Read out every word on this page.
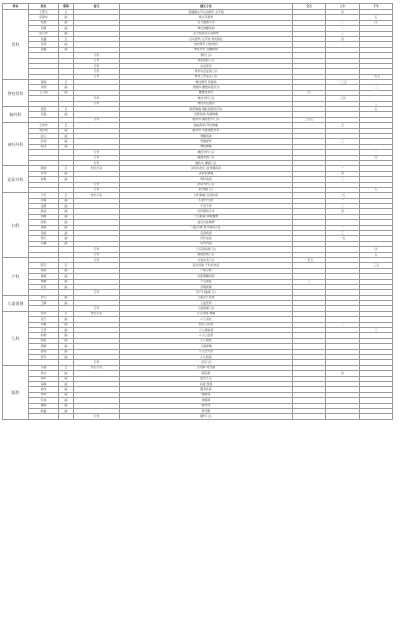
科室	姓名	职称	备注	擅长专业	全天	上午	下午
骨科	王慧玉	正		高膝髋关节运动损伤 关节镜		四	
	吴建华	副		骨关节损伤			五
	刘旭	副		关节置换手术		二	四
	刘强	副		脊柱脊髓疾病		二	
	张小青	副		关节疾病及运动损伤		三	
	吴鑫	正		运动损伤 关节镜 骨质疏松		四	
	付凯	副		创伤骨科 四肢骨折			
	张鹏	副		脊柱外科 颈腰椎病			
			专科	骨科门诊			
			专科	骨质疏松门诊			
			专科	运动医学			
			专科	骨科术后复查门诊			
			专科	骨科工伤鉴定门诊			一至五
脊柱骨科	黄海	正		脊柱侧弯 颈椎病		一三五	
	李刚	副		颈椎病 腰椎间盘突出			二
	王立新	副		腰椎管狭窄	四		
			专科	脊柱外科门诊		二四	
			专科	脊柱术后随访			三
胸外科	周宏	正		肺部肿瘤 胸腔镜微创手术			五
	宋磊	副		食管疾病 纵隔肿瘤			
			专科	胸外科 胸部结节门诊	二四五		
神经外科	王建华	正		脑血管病 颅内肿瘤		五	
	刘志明	副		脑外伤 功能神经外科			
	赵立	副		脊髓疾病			
	孙伟	副		颅脑损伤		三	
	郭涛	副		神经肿瘤			
			专科	神经外科门诊			二
			专科	脑血管病门诊			四
			专科	脑积水 癫痫门诊			
泌尿外科	陈刚	正	知名专家	泌尿系结石 前列腺疾病		一	
	李伟	副		泌尿系肿瘤		四	
	林强	副		男科疾病		三	
			专科	泌尿外科门诊			
			专科	前列腺门诊			五
妇科	王芳	正	知名专家	妇科肿瘤 宫颈疾病		二五	
	李梅	副		妇科内分泌		一	
	张霞	副		不孕不育		二	
	赵丽	副		妇科微创手术		四	
	刘静	副		子宫肌瘤 卵巢囊肿			
	孙艳	副		盆底功能障碍			
	周敏	副		月经失调 更年期综合征		一	
	吴娟	副		宫颈疾病		三	
	郑红	副		妇科炎症		一五	
	冯琳	副		妇科内镜			
			专科	子宫颈疾病门诊			四
			专科	围绝经期门诊			五
产科			专科	计划生育门诊	一至五		
	陈芳	正		高危妊娠 产科并发症			三五
	杨丽	副		产前诊断			
	黄敏	副		妊娠期糖尿病			
	林静	副		产后康复	二		
	何芳	副		孕期保健			
			专科	孕产妇保健门诊			
儿童保健	许红	副		儿童生长发育			
	王静	副		儿童营养			
			专科	儿童保健门诊			
儿科	刘军	正	知名专家	小儿呼吸 哮喘			
	张红	副		小儿消化			
	李静	副		新生儿疾病		二	
	王萍	副		小儿肾脏病			三
	赵敏	副		小儿心血管			
	陈霞	副		小儿神经			
	周娟	副		儿童哮喘			
	孙丽	副		小儿内分泌			
	吴芳	副		小儿感染			
			专科	儿科门诊			
眼科	马强	正	知名专家	白内障 青光眼			
	杨光	副		眼底病		四	
	胡军	副		屈光不正			
	高峰	副		斜视 弱视			
	林涛	副		眼表疾病			
	郑明	副		眼眶病			
	冯伟	副		角膜病			
	谢峰	副		眼外伤			
	韩磊	副		青光眼			
			专科	眼科门诊			
